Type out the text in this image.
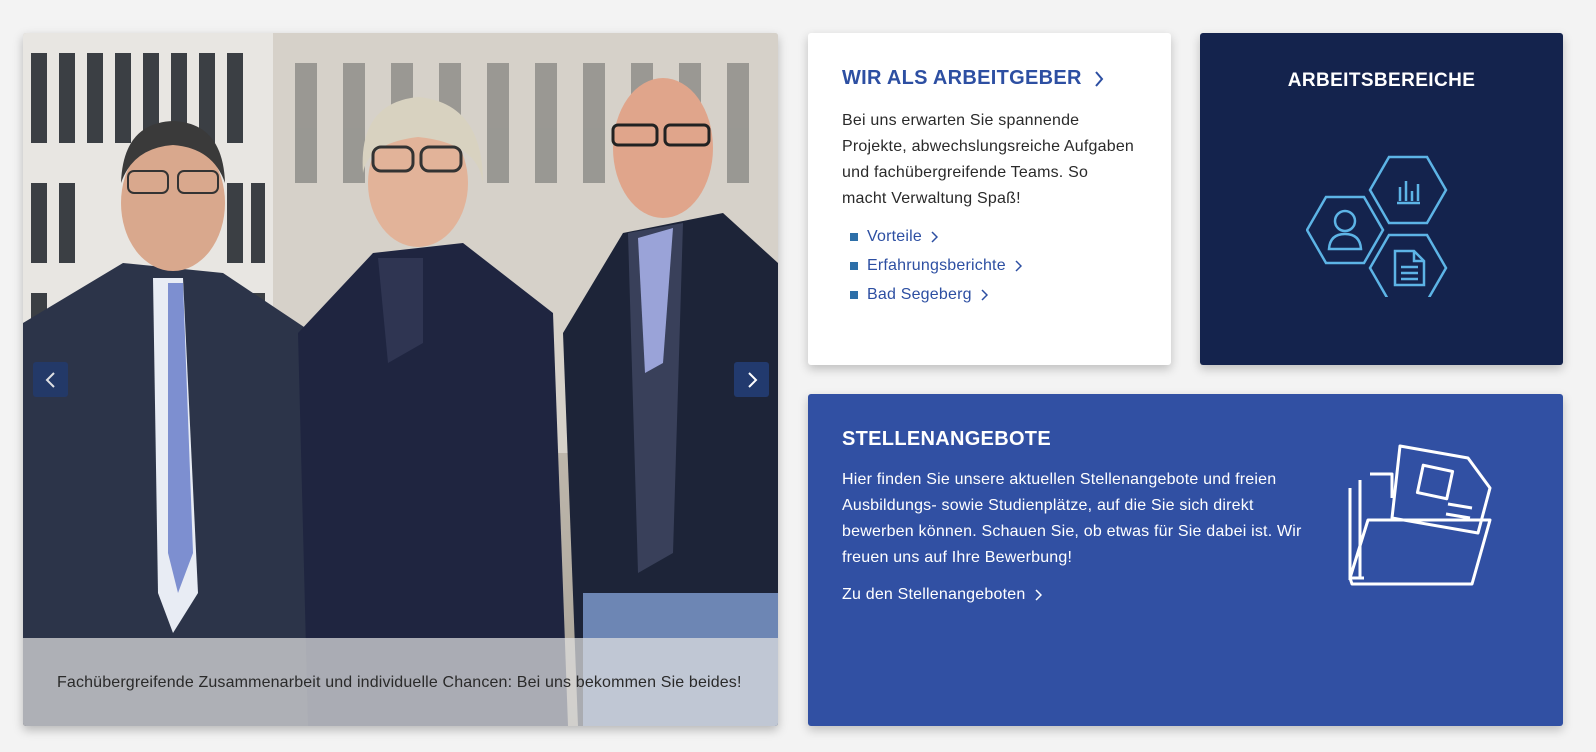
Fachübergreifende Zusammenarbeit und individuelle Chancen: Bei uns bekommen Sie beides!
WIR ALS ARBEITGEBER

Bei uns erwarten Sie spannende Projekte, abwechslungsreiche Aufgaben und fachübergreifende Teams. So macht Verwaltung Spaß!

Vorteile
Erfahrungsberichte
Bad Segeberg
ARBEITSBEREICHE
STELLENANGEBOTE

Hier finden Sie unsere aktuellen Stellenangebote und freien Ausbildungs- sowie Studienplätze, auf die Sie sich direkt bewerben können. Schauen Sie, ob etwas für Sie dabei ist. Wir freuen uns auf Ihre Bewerbung!

Zu den Stellenangeboten
